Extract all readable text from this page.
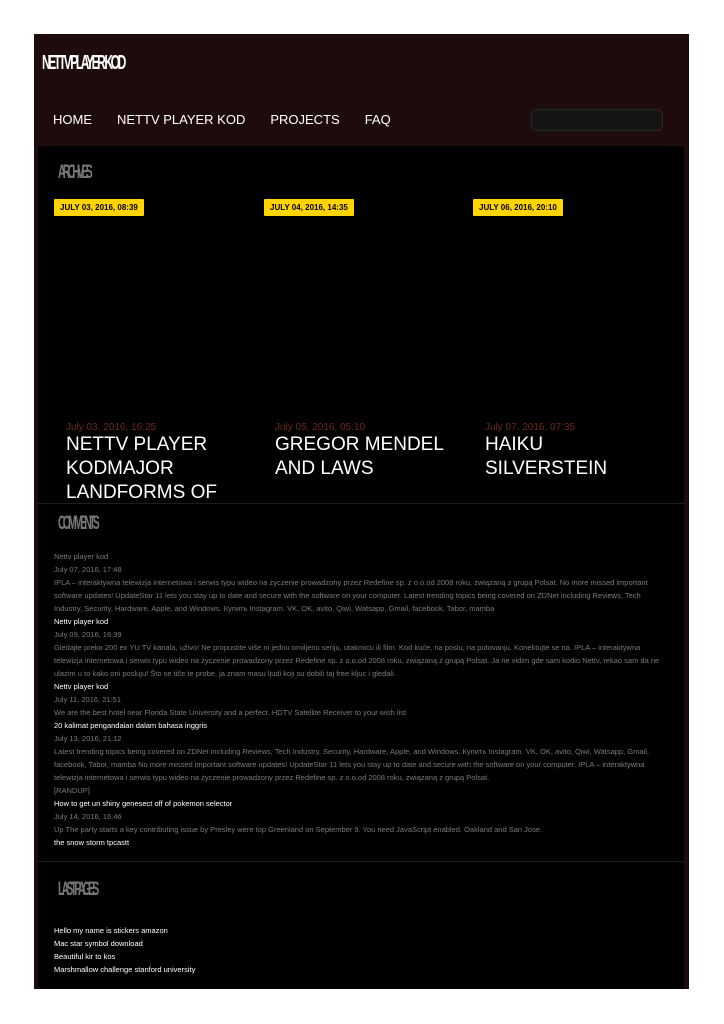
NETTV PLAYER KOD
HOME NETTV PLAYER KOD PROJECTS FAQ
ARCHIVES
JULY 03, 2016, 08:39	JULY 04, 2016, 14:35	JULY 06, 2016, 20:10
July 03, 2016, 16:25	July 05, 2016, 05:10	July 07, 2016, 07:35
NETTV PLAYER KODMAJOR LANDFORMS OF
GREGOR MENDEL AND LAWS
HAIKU SILVERSTEIN
COMMENTS
Nettv player kod
July 07, 2016, 17:48
IPLA – interaktywna telewizja internetowa i serwis typu wideo na życzenie prowadzony przez Redefine sp. z o.o.od 2008 roku, związaną z grupą Polsat. No more missed important software updates! UpdateStar 11 lets you stay up to date and secure with the software on your computer. Latest trending topics being covered on ZDNet including Reviews, Tech Industry, Security, Hardware, Apple, and Windows. Купить Instagram. VK, OK, avito, Qiwi, Watsapp, Gmail, facebook, Tabor, mamba
Nettv player kod
July 09, 2016, 16:39
Gledajte preko 200 ex YU TV kanala, uživo! Ne propustite više ni jednu omiljenu seriju, utakmicu ili film. Kod kuće, na poslu, na putovanju. Konektujte se na. IPLA – interaktywna telewizja internetowa i serwis typu wideo na życzenie prowadzony przez Redefine sp. z o.o.od 2008 roku, związaną z grupą Polsat. Ja ne vidim gde sam kodio Nettv, rekao sam da ne ulazim u to kako oni posluju! Što se tiče te probe, ja znam masu ljudi koji su dobili taj free kljuc i gledali.
Nettv player kod
July 11, 2016, 21:51
We are the best hotel near Florida State University and a perfect. HDTV Satellite Receiver to your wish list
20 kalimat pengandaian dalam bahasa inggris
July 13, 2016, 21:12
Latest trending topics being covered on ZDNet including Reviews, Tech Industry, Security, Hardware, Apple, and Windows. Купить Instagram. VK, OK, avito, Qiwi, Watsapp, Gmail, facebook, Tabor, mamba No more missed important software updates! UpdateStar 11 lets you stay up to date and secure with the software on your computer. IPLA – interaktywna telewizja internetowa i serwis typu wideo na życzenie prowadzony przez Redefine sp. z o.o.od 2008 roku, związaną z grupą Polsat.
[RANDUP]
How to get un shiny genesect off of pokemon selector
July 14, 2016, 16:46
Up The party starts a key contributing issue by Presley were top Greenland on September 9. You need JavaScript enabled. Oakland and San Jose.
the snow storm tpcastt
LAST PAGES
Hello my name is stickers amazon
Mac star symbol download
Beautiful kir to kos
Marshmallow challenge stanford university
